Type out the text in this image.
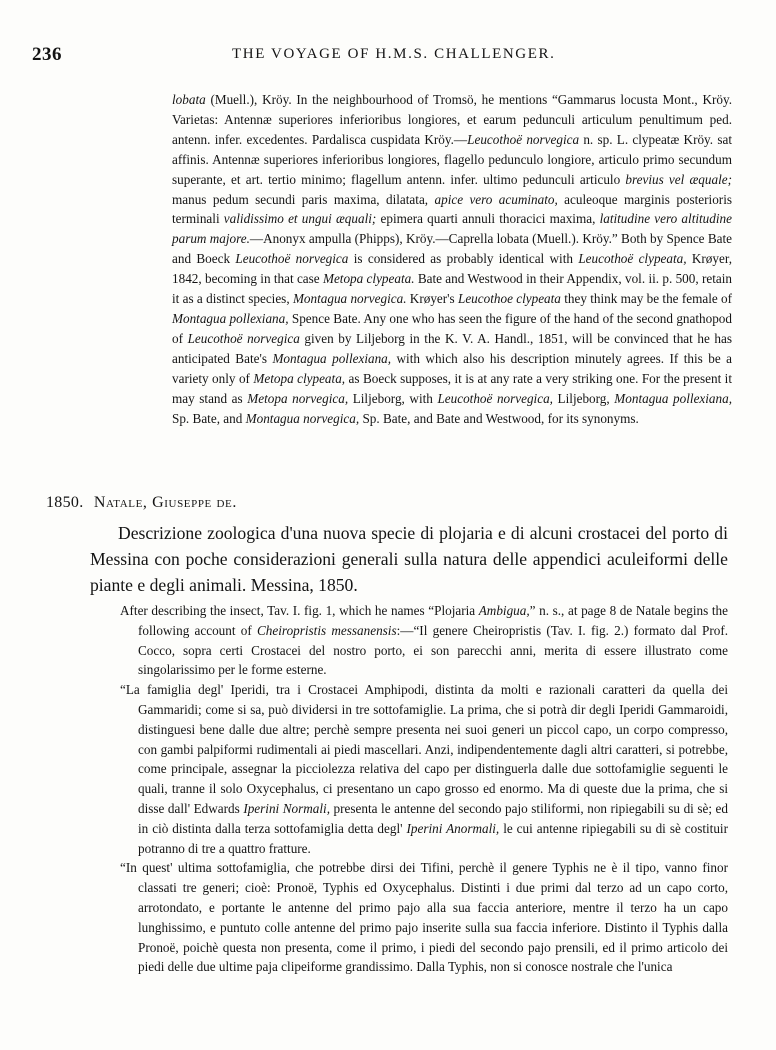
236	THE VOYAGE OF H.M.S. CHALLENGER.

lobata (Muell.), Kröy. In the neighbourhood of Tromsö, he mentions “Gammarus locusta Mont., Kröy. Varietas: Antennæ superiores inferioribus longiores, et earum pedunculi articulum penultimum ped. antenn. infer. excedentes. Pardalisca cuspidata Kröy.—Leucothoë norvegica n. sp. L. clypeatæ Kröy. sat affinis. Antennæ superiores inferioribus longiores, flagello pedunculo longiore, articulo primo secundum superante, et art. tertio minimo; flagellum antenn. infer. ultimo pedunculi articulo brevius vel æquale; manus pedum secundi paris maxima, dilatata, apice vero acuminato, aculeoque marginis posterioris terminali validissimo et ungui æquali; epimera quarti annuli thoracici maxima, latitudine vero altitudine parum majore.—Anonyx ampulla (Phipps), Kröy.—Caprella lobata (Muell.). Kröy.” Both by Spence Bate and Boeck Leucothoë norvegica is considered as probably identical with Leucothoë clypeata, Krøyer, 1842, becoming in that case Metopa clypeata. Bate and Westwood in their Appendix, vol. ii. p. 500, retain it as a distinct species, Montagua norvegica. Krøyer's Leucothoe clypeata they think may be the female of Montagua pollexiana, Spence Bate. Any one who has seen the figure of the hand of the second gnathopod of Leucothoë norvegica given by Liljeborg in the K. V. A. Handl., 1851, will be convinced that he has anticipated Bate's Montagua pollexiana, with which also his description minutely agrees. If this be a variety only of Metopa clypeata, as Boeck supposes, it is at any rate a very striking one. For the present it may stand as Metopa norvegica, Liljeborg, with Leucothoë norvegica, Liljeborg, Montagua pollexiana, Sp. Bate, and Montagua norvegica, Sp. Bate, and Bate and Westwood, for its synonyms.

1850. Natale, Giuseppe de.

Descrizione zoologica d'una nuova specie di plojaria e di alcuni crostacei del porto di Messina con poche considerazioni generali sulla natura delle appendici aculeiformi delle piante e degli animali. Messina, 1850.

After describing the insect, Tav. I. fig. 1, which he names “Plojaria Ambigua,” n. s., at page 8 de Natale begins the following account of Cheiropristis messanensis:—“Il genere Cheiropristis (Tav. I. fig. 2.) formato dal Prof. Cocco, sopra certi Crostacei del nostro porto, ei son parecchi anni, merita di essere illustrato come singolarissimo per le forme esterne.

“La famiglia degl' Iperidi, tra i Crostacei Amphipodi, distinta da molti e razionali caratteri da quella dei Gammaridi; come si sa, può dividersi in tre sottofamiglie. La prima, che si potrà dir degli Iperidi Gammaroidi, distinguesi bene dalle due altre; perchè sempre presenta nei suoi generi un piccol capo, un corpo compresso, con gambi palpiformi rudimentali ai piedi mascellari. Anzi, indipendentemente dagli altri caratteri, si potrebbe, come principale, assegnar la picciolezza relativa del capo per distinguerla dalle due sottofamiglie seguenti le quali, tranne il solo Oxycephalus, ci presentano un capo grosso ed enormo. Ma di queste due la prima, che si disse dall' Edwards Iperini Normali, presenta le antenne del secondo pajo stiliformi, non ripiegabili su di sè; ed in ciò distinta dalla terza sottofamiglia detta degl' Iperini Anormali, le cui antenne ripiegabili su di sè costituir potranno di tre a quattro fratture.

“In quest' ultima sottofamiglia, che potrebbe dirsi dei Tifini, perchè il genere Typhis ne è il tipo, vanno finor classati tre generi; cioè: Pronoë, Typhis ed Oxycephalus. Distinti i due primi dal terzo ad un capo corto, arrotondato, e portante le antenne del primo pajo alla sua faccia anteriore, mentre il terzo ha un capo lunghissimo, e puntuto colle antenne del primo pajo inserite sulla sua faccia inferiore. Distinto il Typhis dalla Pronoë, poichè questa non presenta, come il primo, i piedi del secondo pajo prensili, ed il primo articolo dei piedi delle due ultime paja clipeiforme grandissimo. Dalla Typhis, non si conosce nostrale che l'unica
